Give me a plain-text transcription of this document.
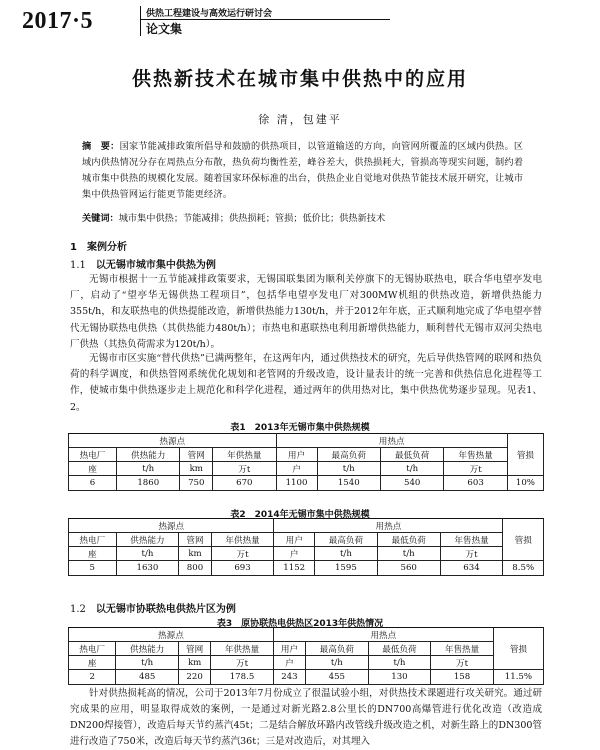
2017·5	供热工程建设与高效运行研讨会
论文集
供热新技术在城市集中供热中的应用
徐 清，包建平
摘　要：国家节能减排政策所倡导和鼓励的供热项目，以管道输送的方向，向管网所覆盖的区域内供热。区域内供热情况分存在周热点分布散，热负荷均衡性差，峰谷差大，供热损耗大，管损高等现实问题，制约着城市集中供热的规模化发展。随着国家环保标准的出台，供热企业自觉地对供热节能技术展开研究，让城市集中供热管网运行能更节能更经济。
关键词：城市集中供热；节能减排；供热损耗；管损；低价比；供热新技术
1　 案例分析
1.1　 以无锡市城市集中供热为例
无锡市根据十一五节能减排政策要求，无锡国联集团为顺利关停旗下的无锡协联热电，联合华电望亭发电厂，启动了“望亭华无锡供热工程项目”，包括华电望亭发电厂对300MW机组的供热改造，新增供热能力355t/h，和友联热电的供热提能改造，新增供热能力130t/h，并于2012年年底，正式顺利地完成了华电望亭替代无锡协联热电供热（其供热能力480t/h）；市热电和惠联热电利用新增供热能力，顺利替代无锡市双河尖热电厂供热（其热负荷需求为120t/h）。
无锡市市区实施“替代供热”已满两整年，在这两年内，通过供热技术的研究，先后导供热管网的联网和热负荷的科学调度，和供热管网系统优化规划和老管网的升级改造，设计量表计的统一完善和供热信息化进程等工作，使城市集中供热逐步走上规范化和科学化进程，通过两年的供用热对比，集中供热优势逐步显现。见表1、2。
表1　2013年无锡市集中供热规模
热源点				用热点				管损
热电厂	供热能力	管网	年供热量	用户	最高负荷	最低负荷	年售热量	
座	t/h	km	万t	户	t/h	t/h	万t	
6	1860	750	670	1100	1540	540	603	10%
表2　2014年无锡市集中供热规模
热源点				用热点				管损
热电厂	供热能力	管网	年供热量	用户	最高负荷	最低负荷	年售热量	
座	t/h	km	万t	户	t/h	t/h	万t	
5	1630	800	693	1152	1595	560	634	8.5%
1.2　 以无锡市协联热电供热片区为例
表3　原协联热电供热区2013年供热情况
热源点				用热点				管损
热电厂	供热能力	管网	年供热量	用户	最高负荷	最低负荷	年售热量	
座	t/h	km	万t	户	t/h	t/h	万t	
2	485	220	178.5	243	455	130	158	11.5%
针对供热损耗高的情况，公司于2013年7月份成立了很温试验小组，对供热技术课题进行攻关研究。通过研究成果的应用，明显取得成效的案例，一是通过对新光路2.8公里长的DN700高爆管进行优化改造（改造成DN200焊接管），改造后每天节约蒸汽45t；二是结合解放环路内改管线升级改造之机，对新生路上的DN300管进行改造了750米，改造后每天节约蒸汽36t；三是对改造后，对其埋入
